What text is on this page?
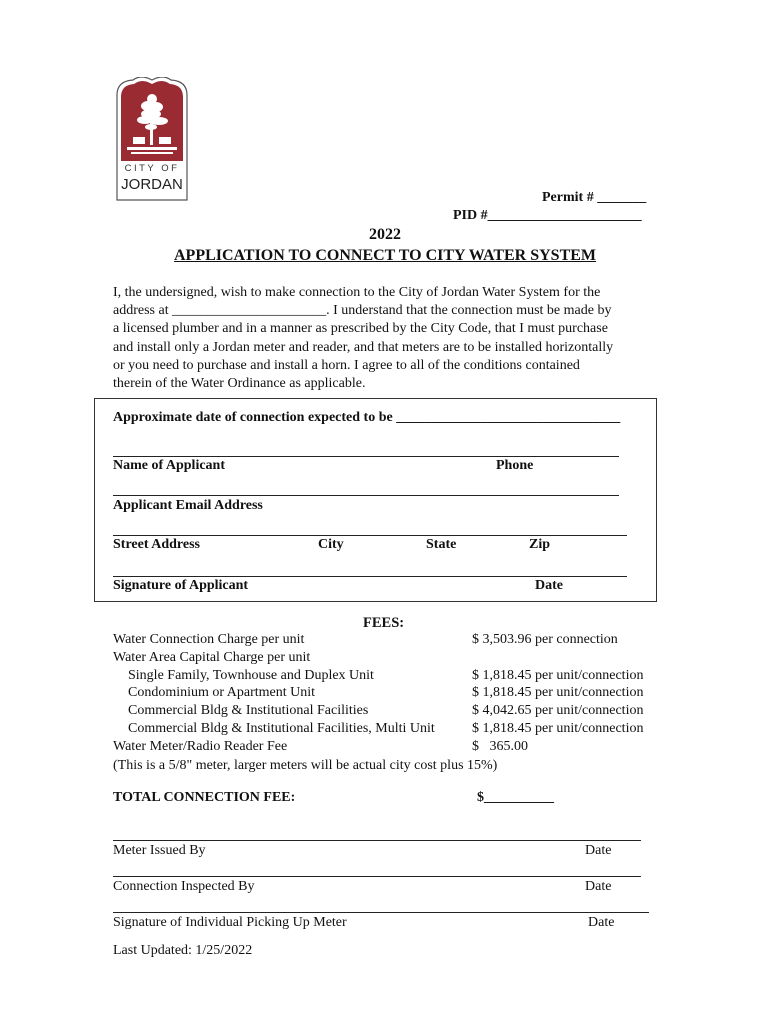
CITY OF
JORDAN
Permit # _______
PID #______________________
2022
APPLICATION TO CONNECT TO CITY WATER SYSTEM

I, the undersigned, wish to make connection to the City of Jordan Water System for the

address at ______________________. I understand that the connection must be made by

a licensed plumber and in a manner as prescribed by the City Code, that I must purchase

and install only a Jordan meter and reader, and that meters are to be installed horizontally

or you need to purchase and install a horn. I agree to all of the conditions contained

therein of the Water Ordinance as applicable.

Approximate date of connection expected to be ________________________________
Name of Applicant	Phone
Applicant Email Address
Street Address	City	State	Zip
Signature of Applicant	Date
FEES:
Water Connection Charge per unit	$ 3,503.96 per connection
Water Area Capital Charge per unit
Single Family, Townhouse and Duplex Unit	$ 1,818.45 per unit/connection
Condominium or Apartment Unit	$ 1,818.45 per unit/connection
Commercial Bldg & Institutional Facilities	$ 4,042.65 per unit/connection
Commercial Bldg & Institutional Facilities, Multi Unit	$ 1,818.45 per unit/connection
Water Meter/Radio Reader Fee	$   365.00
(This is a 5/8" meter, larger meters will be actual city cost plus 15%)
TOTAL CONNECTION FEE:	$__________
Meter Issued By	Date
Connection Inspected By	Date
Signature of Individual Picking Up Meter	Date
Last Updated: 1/25/2022
